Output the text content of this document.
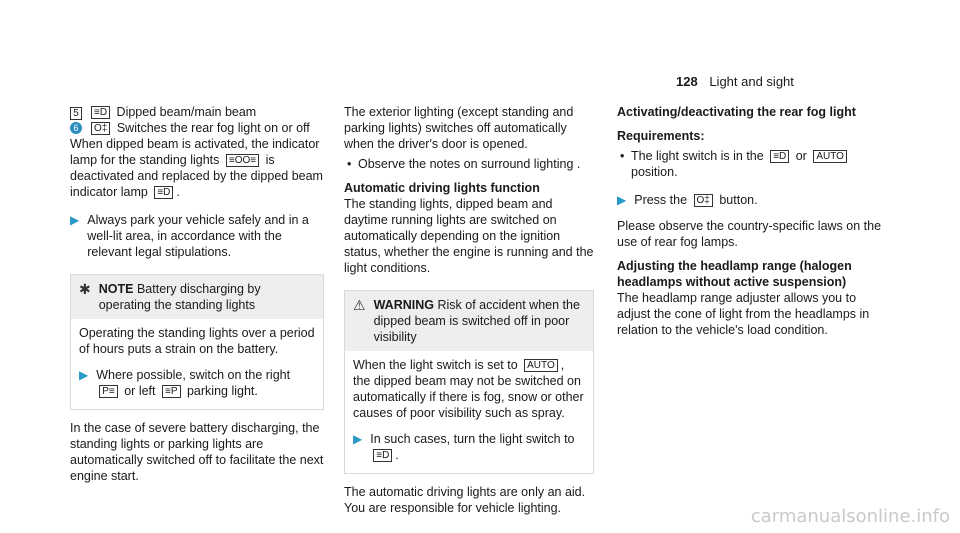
128 Light and sight

5 ≡D Dipped beam/main beam

6 O‡ Switches the rear fog light on or off

When dipped beam is activated, the indicator lamp for the standing lights ≡OO≡ is deactivated and replaced by the dipped beam indicator lamp ≡D .

▶ Always park your vehicle safely and in a well-lit area, in accordance with the relevant legal stipulations.
✱ NOTE Battery discharging by operating the standing lights

Operating the standing lights over a period of hours puts a strain on the battery.

▶ Where possible, switch on the right P≡ or left ≡P parking light.

In the case of severe battery discharging, the standing lights or parking lights are automatically switched off to facilitate the next engine start.

The exterior lighting (except standing and parking lights) switches off automatically when the driver's door is opened.

• Observe the notes on surround lighting .

Automatic driving lights function

The standing lights, dipped beam and daytime running lights are switched on automatically depending on the ignition status, whether the engine is running and the light conditions.

⚠ WARNING Risk of accident when the dipped beam is switched off in poor visibility

When the light switch is set to AUTO , the dipped beam may not be switched on automatically if there is fog, snow or other causes of poor visibility such as spray.

▶ In such cases, turn the light switch to ≡D .

The automatic driving lights are only an aid. You are responsible for vehicle lighting.

Activating/deactivating the rear fog light

Requirements:

• The light switch is in the ≡D or AUTO position.
▶ Press the O‡ button.

Please observe the country-specific laws on the use of rear fog lamps.

Adjusting the headlamp range (halogen headlamps without active suspension)

The headlamp range adjuster allows you to adjust the cone of light from the headlamps in relation to the vehicle's load condition.

carmanualsonline.info
